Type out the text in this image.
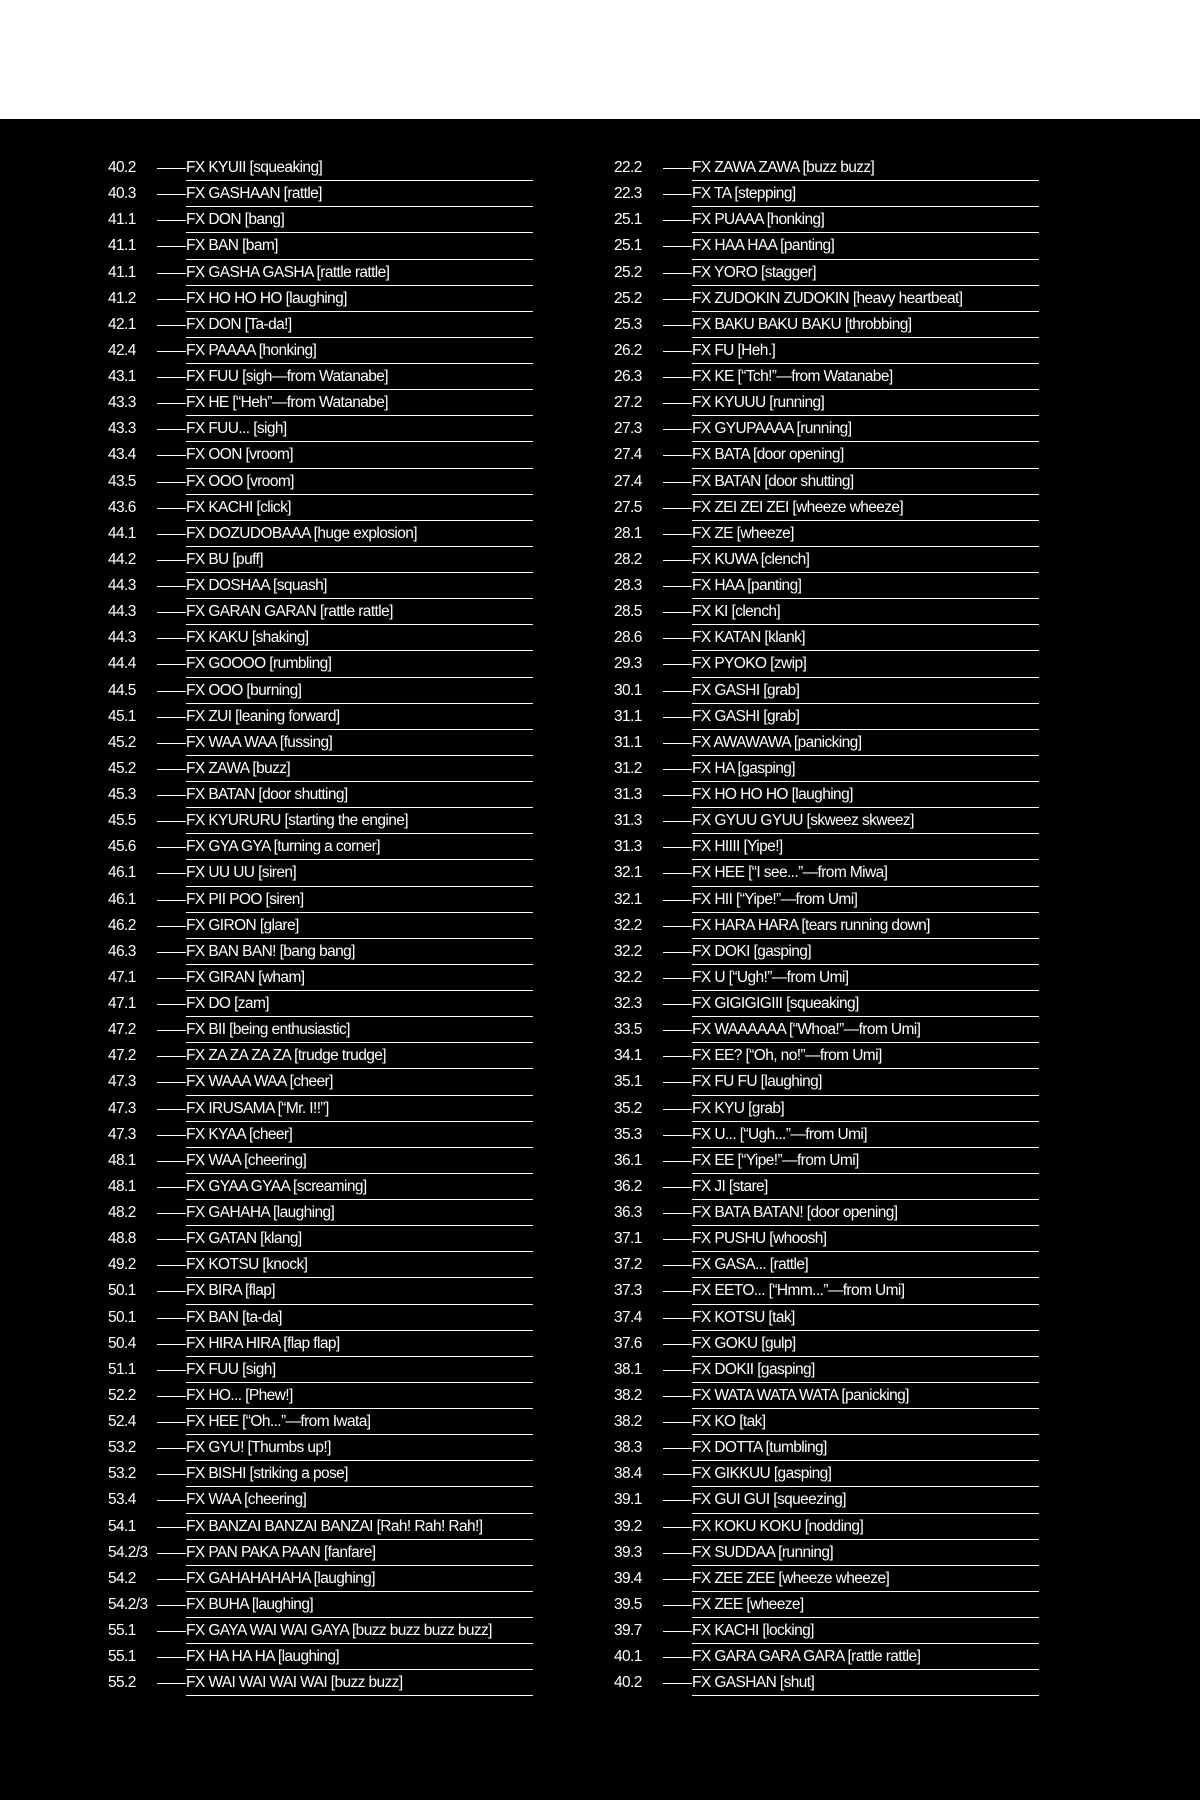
40.2	FX KYUII [squeaking]
40.3	FX GASHAAN [rattle]
41.1	FX DON [bang]
41.1	FX BAN [bam]
41.1	FX GASHA GASHA [rattle rattle]
41.2	FX HO HO HO [laughing]
42.1	FX DON [Ta-da!]
42.4	FX PAAAA [honking]
43.1	FX FUU [sigh—from Watanabe]
43.3	FX HE [“Heh”—from Watanabe]
43.3	FX FUU... [sigh]
43.4	FX OON [vroom]
43.5	FX OOO [vroom]
43.6	FX KACHI [click]
44.1	FX DOZUDOBAAA [huge explosion]
44.2	FX BU [puff]
44.3	FX DOSHAA [squash]
44.3	FX GARAN GARAN [rattle rattle]
44.3	FX KAKU [shaking]
44.4	FX GOOOO [rumbling]
44.5	FX OOO [burning]
45.1	FX ZUI [leaning forward]
45.2	FX WAA WAA [fussing]
45.2	FX ZAWA [buzz]
45.3	FX BATAN [door shutting]
45.5	FX KYURURU [starting the engine]
45.6	FX GYA GYA [turning a corner]
46.1	FX UU UU [siren]
46.1	FX PII POO [siren]
46.2	FX GIRON [glare]
46.3	FX BAN BAN! [bang bang]
47.1	FX GIRAN [wham]
47.1	FX DO [zam]
47.2	FX BII [being enthusiastic]
47.2	FX ZA ZA ZA ZA [trudge trudge]
47.3	FX WAAA WAA [cheer]
47.3	FX IRUSAMA [“Mr. I!!”]
47.3	FX KYAA [cheer]
48.1	FX WAA [cheering]
48.1	FX GYAA GYAA [screaming]
48.2	FX GAHAHA [laughing]
48.8	FX GATAN [klang]
49.2	FX KOTSU [knock]
50.1	FX BIRA [flap]
50.1	FX BAN [ta-da]
50.4	FX HIRA HIRA [flap flap]
51.1	FX FUU [sigh]
52.2	FX HO... [Phew!]
52.4	FX HEE [“Oh...”—from Iwata]
53.2	FX GYU! [Thumbs up!]
53.2	FX BISHI [striking a pose]
53.4	FX WAA [cheering]
54.1	FX BANZAI BANZAI BANZAI [Rah! Rah! Rah!]
54.2/3	FX PAN PAKA PAAN [fanfare]
54.2	FX GAHAHAHAHA [laughing]
54.2/3	FX BUHA [laughing]
55.1	FX GAYA WAI WAI GAYA [buzz buzz buzz buzz]
55.1	FX HA HA HA [laughing]
55.2	FX WAI WAI WAI WAI [buzz buzz]
22.2	FX ZAWA ZAWA [buzz buzz]
22.3	FX TA [stepping]
25.1	FX PUAAA [honking]
25.1	FX HAA HAA [panting]
25.2	FX YORO [stagger]
25.2	FX ZUDOKIN ZUDOKIN [heavy heartbeat]
25.3	FX BAKU BAKU BAKU [throbbing]
26.2	FX FU [Heh.]
26.3	FX KE [“Tch!”—from Watanabe]
27.2	FX KYUUU [running]
27.3	FX GYUPAAAA [running]
27.4	FX BATA [door opening]
27.4	FX BATAN [door shutting]
27.5	FX ZEI ZEI ZEI [wheeze wheeze]
28.1	FX ZE [wheeze]
28.2	FX KUWA [clench]
28.3	FX HAA [panting]
28.5	FX KI [clench]
28.6	FX KATAN [klank]
29.3	FX PYOKO [zwip]
30.1	FX GASHI [grab]
31.1	FX GASHI [grab]
31.1	FX AWAWAWA [panicking]
31.2	FX HA [gasping]
31.3	FX HO HO HO [laughing]
31.3	FX GYUU GYUU [skweez skweez]
31.3	FX HIIII [Yipe!]
32.1	FX HEE [“I see...”—from Miwa]
32.1	FX HII [“Yipe!”—from Umi]
32.2	FX HARA HARA [tears running down]
32.2	FX DOKI [gasping]
32.2	FX U [“Ugh!”—from Umi]
32.3	FX GIGIGIGIII [squeaking]
33.5	FX WAAAAAA [“Whoa!”—from Umi]
34.1	FX EE? [“Oh, no!”—from Umi]
35.1	FX FU FU [laughing]
35.2	FX KYU [grab]
35.3	FX U... [“Ugh...”—from Umi]
36.1	FX EE [“Yipe!”—from Umi]
36.2	FX JI [stare]
36.3	FX BATA BATAN! [door opening]
37.1	FX PUSHU [whoosh]
37.2	FX GASA... [rattle]
37.3	FX EETO... [“Hmm...”—from Umi]
37.4	FX KOTSU [tak]
37.6	FX GOKU [gulp]
38.1	FX DOKII [gasping]
38.2	FX WATA WATA WATA [panicking]
38.2	FX KO [tak]
38.3	FX DOTTA [tumbling]
38.4	FX GIKKUU [gasping]
39.1	FX GUI GUI [squeezing]
39.2	FX KOKU KOKU [nodding]
39.3	FX SUDDAA [running]
39.4	FX ZEE ZEE [wheeze wheeze]
39.5	FX ZEE [wheeze]
39.7	FX KACHI [locking]
40.1	FX GARA GARA GARA [rattle rattle]
40.2	FX GASHAN [shut]
